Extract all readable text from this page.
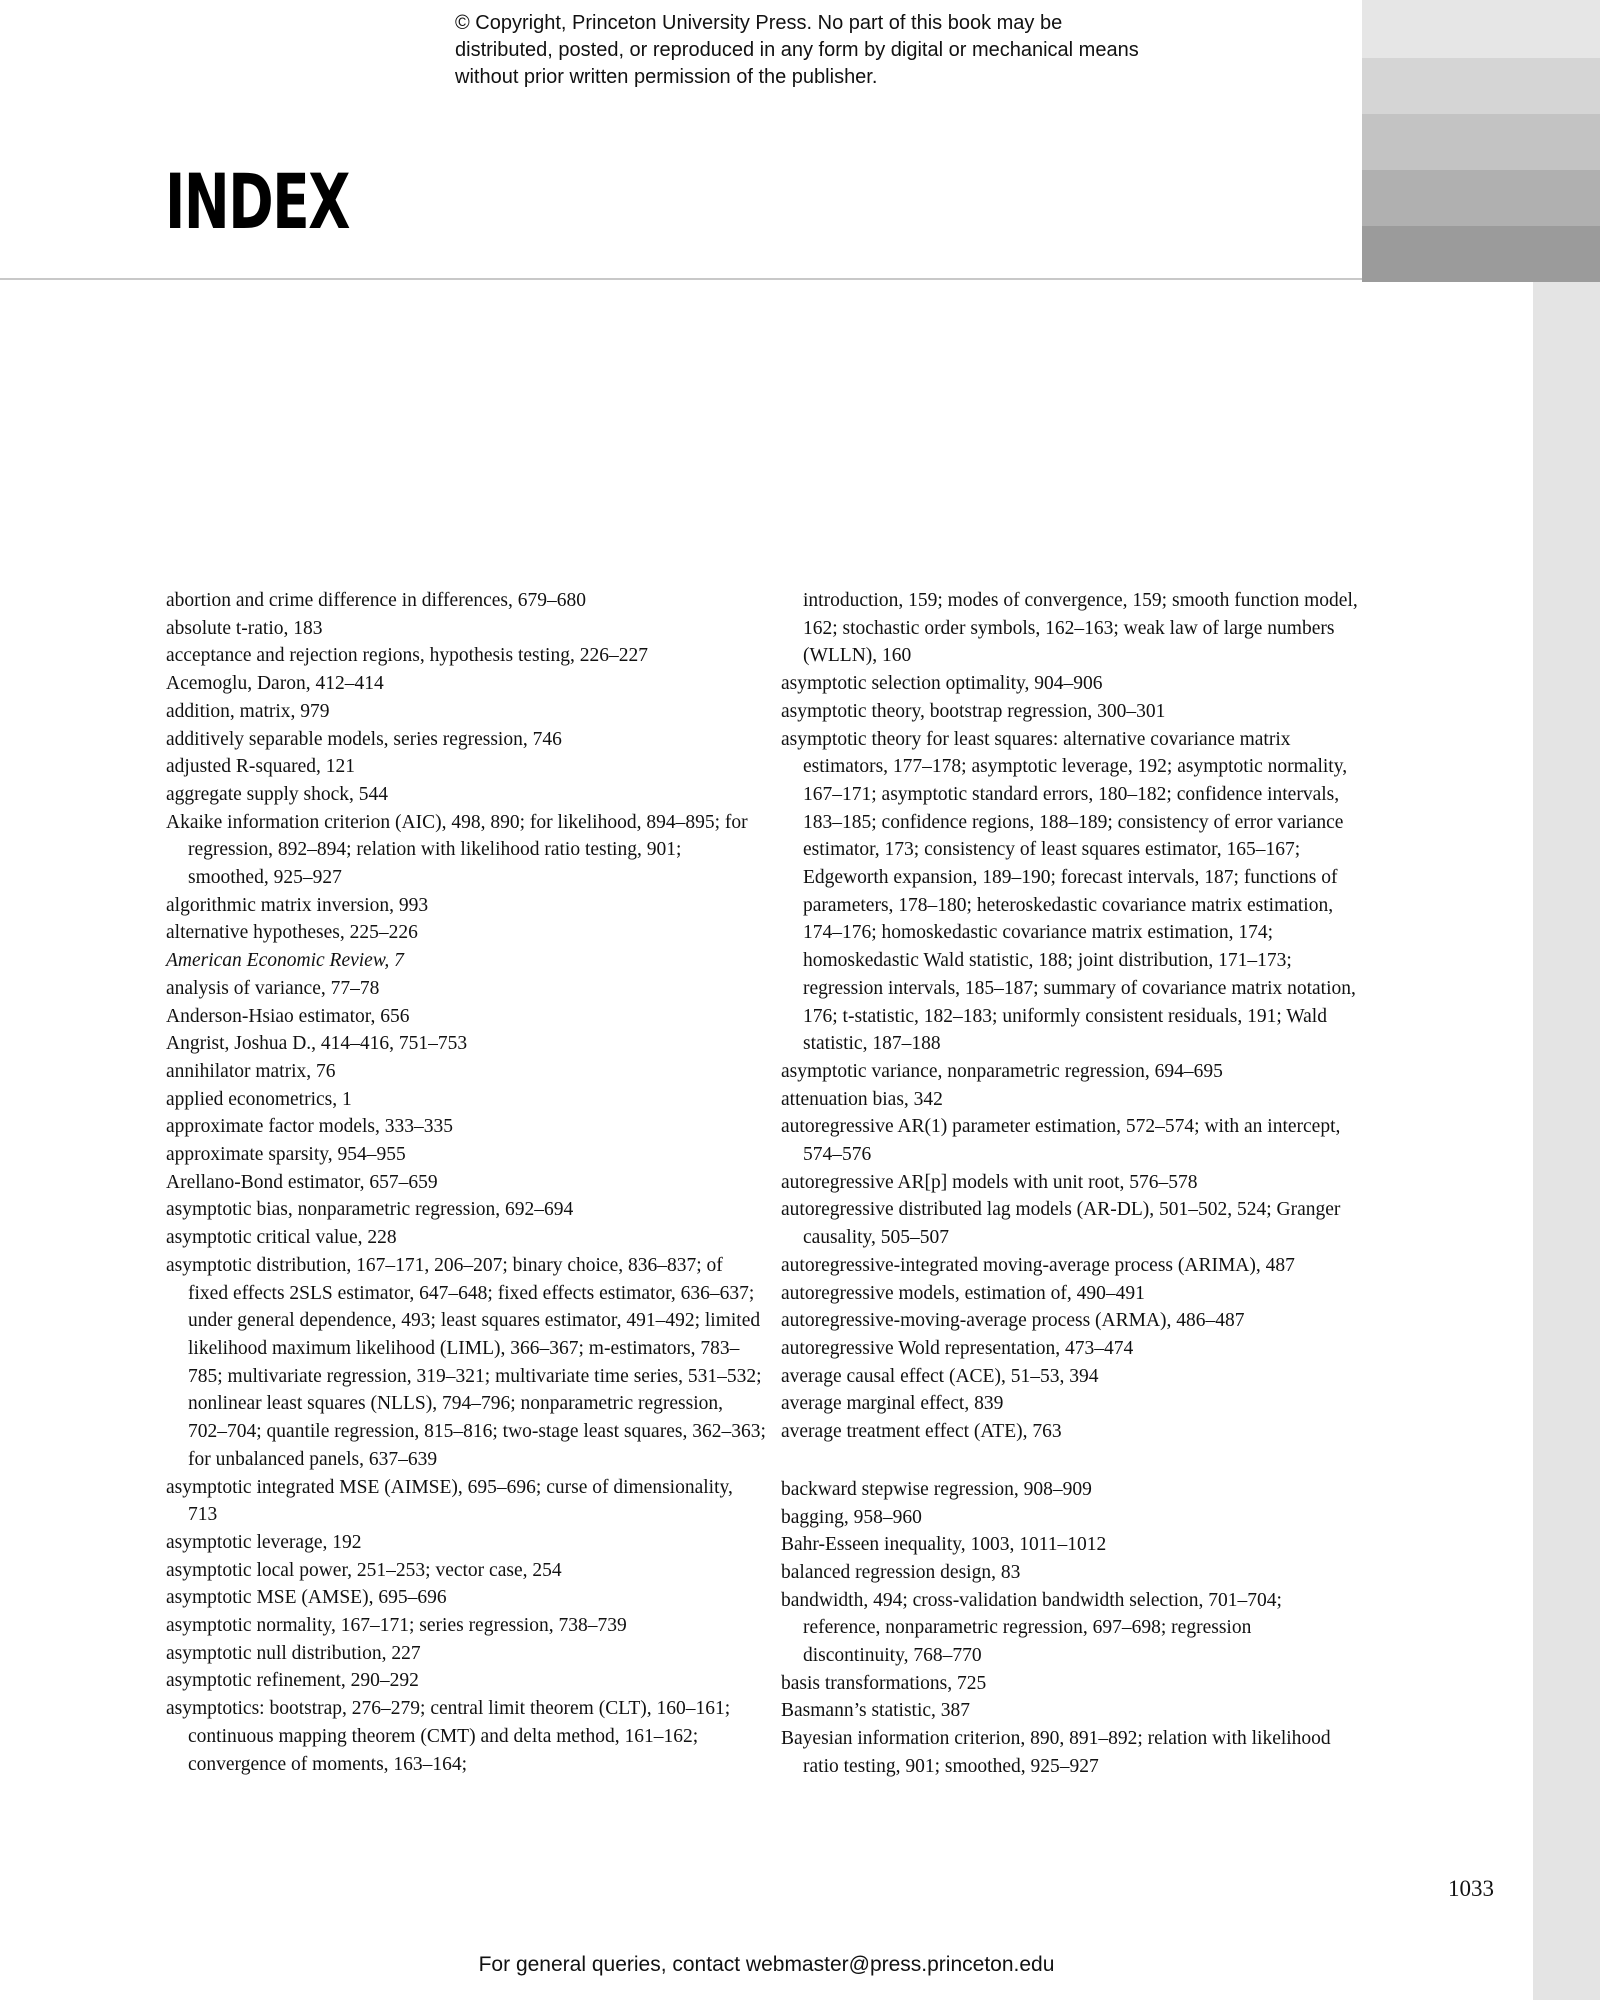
© Copyright, Princeton University Press. No part of this book may be distributed, posted, or reproduced in any form by digital or mechanical means without prior written permission of the publisher.
INDEX
abortion and crime difference in differences, 679–680
absolute t-ratio, 183
acceptance and rejection regions, hypothesis testing, 226–227
Acemoglu, Daron, 412–414
addition, matrix, 979
additively separable models, series regression, 746
adjusted R-squared, 121
aggregate supply shock, 544
Akaike information criterion (AIC), 498, 890; for likelihood, 894–895; for regression, 892–894; relation with likelihood ratio testing, 901; smoothed, 925–927
algorithmic matrix inversion, 993
alternative hypotheses, 225–226
American Economic Review, 7
analysis of variance, 77–78
Anderson-Hsiao estimator, 656
Angrist, Joshua D., 414–416, 751–753
annihilator matrix, 76
applied econometrics, 1
approximate factor models, 333–335
approximate sparsity, 954–955
Arellano-Bond estimator, 657–659
asymptotic bias, nonparametric regression, 692–694
asymptotic critical value, 228
asymptotic distribution, 167–171, 206–207; binary choice, 836–837; of fixed effects 2SLS estimator, 647–648; fixed effects estimator, 636–637; under general dependence, 493; least squares estimator, 491–492; limited likelihood maximum likelihood (LIML), 366–367; m-estimators, 783–785; multivariate regression, 319–321; multivariate time series, 531–532; nonlinear least squares (NLLS), 794–796; nonparametric regression, 702–704; quantile regression, 815–816; two-stage least squares, 362–363; for unbalanced panels, 637–639
asymptotic integrated MSE (AIMSE), 695–696; curse of dimensionality, 713
asymptotic leverage, 192
asymptotic local power, 251–253; vector case, 254
asymptotic MSE (AMSE), 695–696
asymptotic normality, 167–171; series regression, 738–739
asymptotic null distribution, 227
asymptotic refinement, 290–292
asymptotics: bootstrap, 276–279; central limit theorem (CLT), 160–161; continuous mapping theorem (CMT) and delta method, 161–162; convergence of moments, 163–164;
introduction, 159; modes of convergence, 159; smooth function model, 162; stochastic order symbols, 162–163; weak law of large numbers (WLLN), 160
asymptotic selection optimality, 904–906
asymptotic theory, bootstrap regression, 300–301
asymptotic theory for least squares: alternative covariance matrix estimators, 177–178; asymptotic leverage, 192; asymptotic normality, 167–171; asymptotic standard errors, 180–182; confidence intervals, 183–185; confidence regions, 188–189; consistency of error variance estimator, 173; consistency of least squares estimator, 165–167; Edgeworth expansion, 189–190; forecast intervals, 187; functions of parameters, 178–180; heteroskedastic covariance matrix estimation, 174–176; homoskedastic covariance matrix estimation, 174; homoskedastic Wald statistic, 188; joint distribution, 171–173; regression intervals, 185–187; summary of covariance matrix notation, 176; t-statistic, 182–183; uniformly consistent residuals, 191; Wald statistic, 187–188
asymptotic variance, nonparametric regression, 694–695
attenuation bias, 342
autoregressive AR(1) parameter estimation, 572–574; with an intercept, 574–576
autoregressive AR[p] models with unit root, 576–578
autoregressive distributed lag models (AR-DL), 501–502, 524; Granger causality, 505–507
autoregressive-integrated moving-average process (ARIMA), 487
autoregressive models, estimation of, 490–491
autoregressive-moving-average process (ARMA), 486–487
autoregressive Wold representation, 473–474
average causal effect (ACE), 51–53, 394
average marginal effect, 839
average treatment effect (ATE), 763
backward stepwise regression, 908–909
bagging, 958–960
Bahr-Esseen inequality, 1003, 1011–1012
balanced regression design, 83
bandwidth, 494; cross-validation bandwidth selection, 701–704; reference, nonparametric regression, 697–698; regression discontinuity, 768–770
basis transformations, 725
Basmann’s statistic, 387
Bayesian information criterion, 890, 891–892; relation with likelihood ratio testing, 901; smoothed, 925–927
1033
For general queries, contact webmaster@press.princeton.edu
